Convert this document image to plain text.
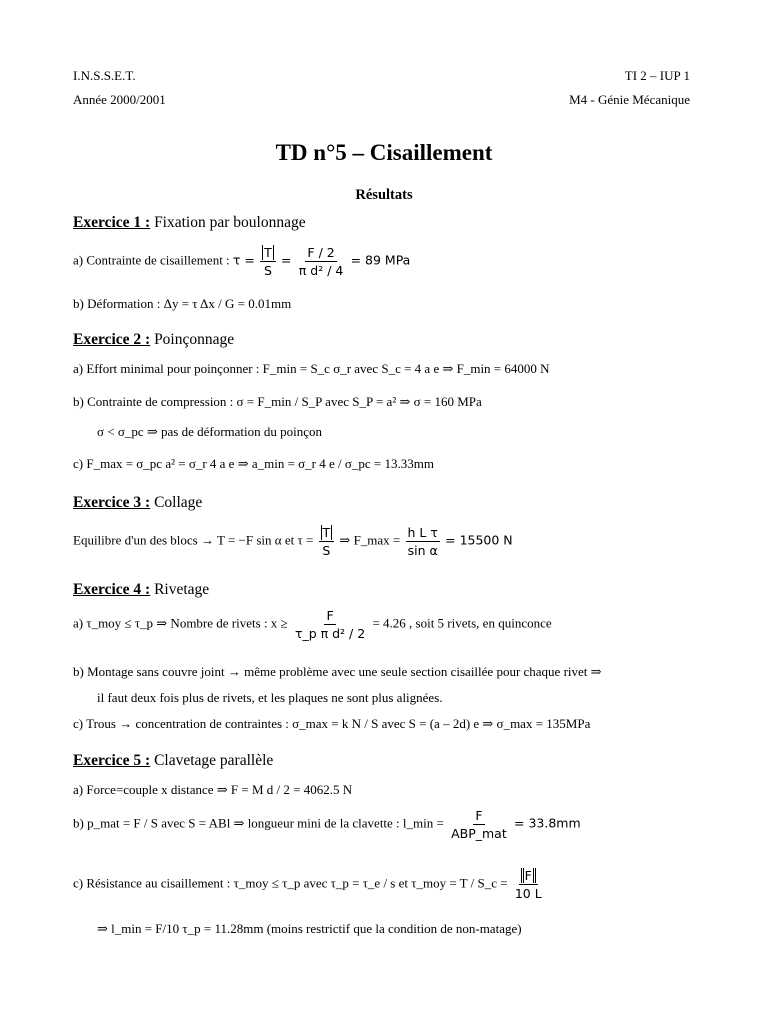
I.N.S.S.E.T.
Année 2000/2001
TI 2 – IUP 1
M4 - Génie Mécanique
TD n°5 – Cisaillement
Résultats
Exercice 1 : Fixation par boulonnage
a) Contrainte de cisaillement : $\tau = \frac{T}{S} = \frac{F / 2}{\text{π d² / 4}} = 89$ MPa
b) Déformation : Δy = τ Δx / G = 0.01mm
Exercice 2 : Poinçonnage
a) Effort minimal pour poinçonner : F_min = S_c σ_r avec S_c = 4 a e ⇒ F_min = 64000 N
b) Contrainte de compression : σ = F_min / S_P avec S_P = a² ⇒ σ = 160 MPa
σ < σ_pc ⇒ pas de déformation du poinçon
c) F_max = σ_pc a² = σ_r 4 a e ⇒ a_min = σ_r 4 e / σ_pc = 13.33mm
Exercice 3 : Collage
Equilibre d'un des blocs → T = −F sin α et $\tau = \frac{T}{S}$ ⇒ F_max = $\frac{\text{h L τ}}{\text{sin α}} = 15500$ N
Exercice 4 : Rivetage
a) τ_moy ≤ τ_p ⇒ Nombre de rivets : $x \ge \frac{F}{\text{τ\_p π d² / 2}} = 4.26$ , soit 5 rivets, en quinconce
b) Montage sans couvre joint → même problème avec une seule section cisaillée pour chaque rivet ⇒
il faut deux fois plus de rivets, et les plaques ne sont plus alignées.
c) Trous → concentration de contraintes : σ_max = k N / S avec S = (a – 2d) e ⇒ σ_max = 135MPa
Exercice 5 : Clavetage parallèle
a) Force=couple x distance ⇒ F = M d / 2 = 4062.5 N
b) p_mat = F / S avec S = ABl ⇒ longueur mini de la clavette : l_min = $\frac{F}{\text{ABP\_mat}} = 33.8mm$
c) Résistance au cisaillement : τ_moy ≤ τ_p avec τ_p = τ_e / s et τ_moy = T / S_c = $\frac{F}{10 L}$
⇒ l_min = F/10 τ_p = 11.28mm (moins restrictif que la condition de non-matage)
